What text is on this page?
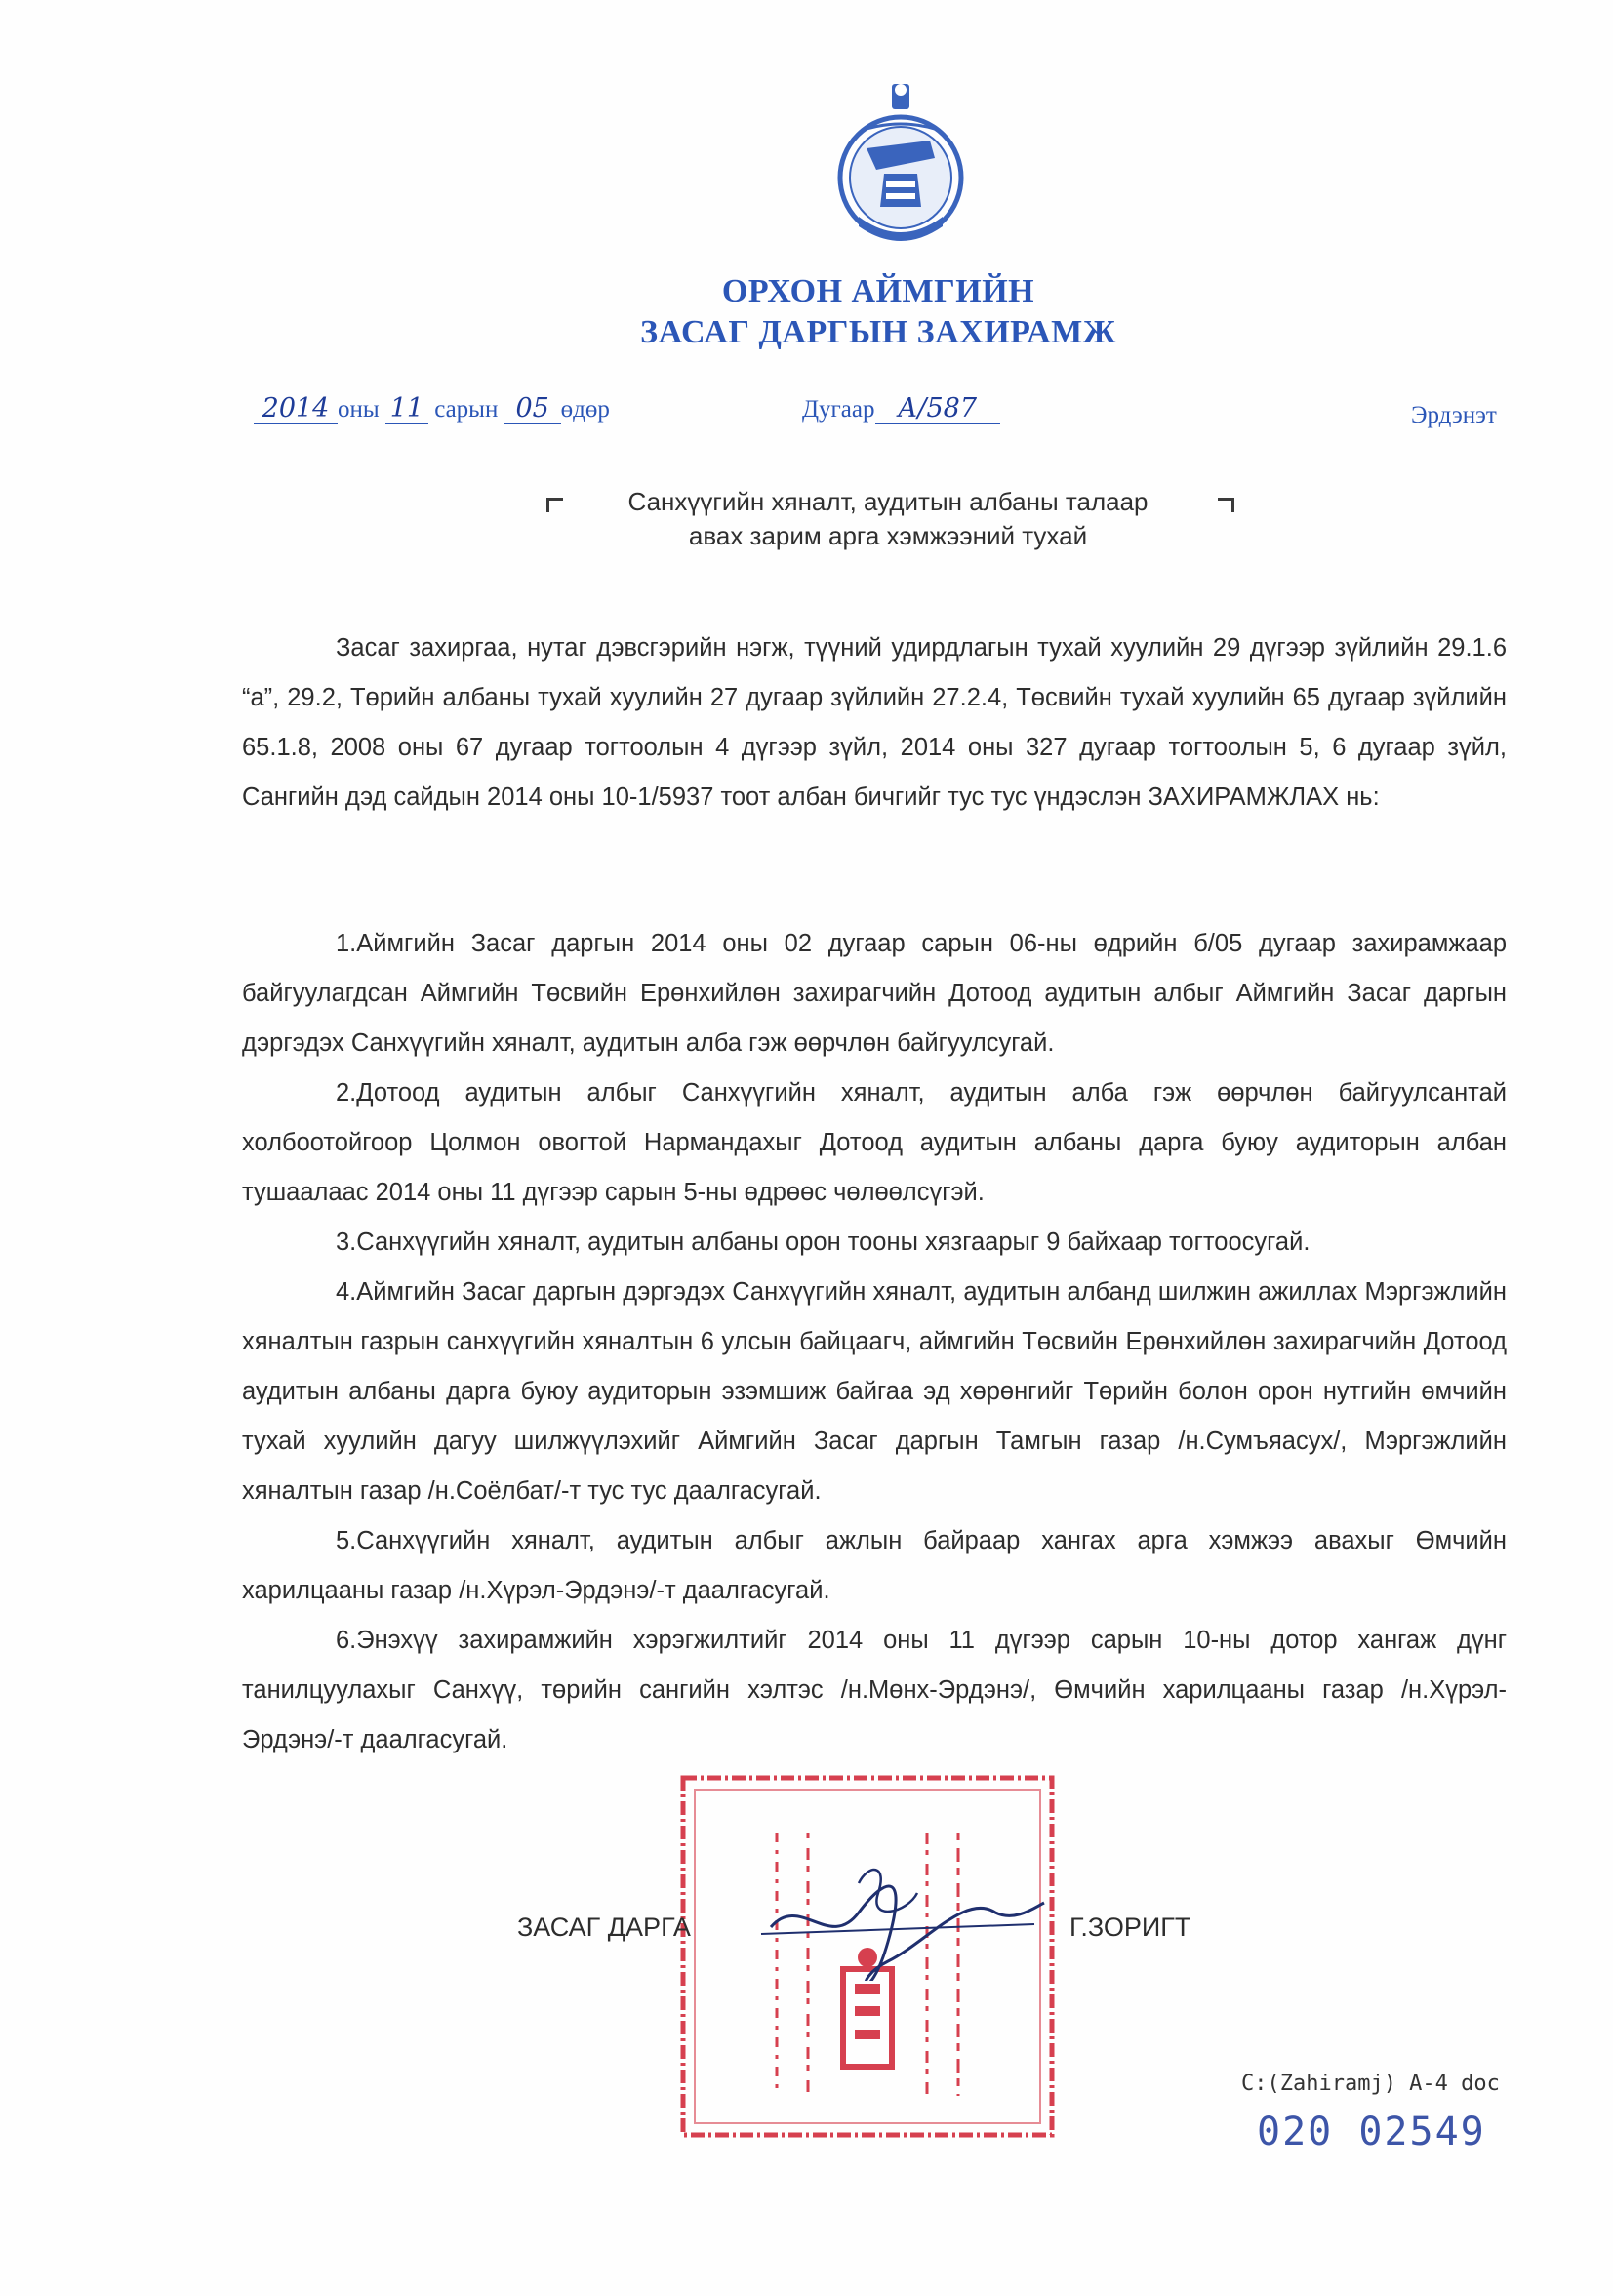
ОРХОН АЙМГИЙН
ЗАСАГ ДАРГЫН ЗАХИРАМЖ
2014 оны 11 сарын 05 өдөр	Дугаар А/587	Эрдэнэт
Санхүүгийн хяналт, аудитын албаны талаар
авах зарим арга хэмжээний тухай

Засаг захиргаа, нутаг дэвсгэрийн нэгж, түүний удирдлагын тухай хуулийн 29 дүгээр зүйлийн 29.1.6 “а”, 29.2, Төрийн албаны тухай хуулийн 27 дугаар зүйлийн 27.2.4, Төсвийн тухай хуулийн 65 дугаар зүйлийн 65.1.8, 2008 оны 67 дугаар тогтоолын 4 дүгээр зүйл, 2014 оны 327 дугаар тогтоолын 5, 6 дугаар зүйл, Сангийн дэд сайдын 2014 оны 10-1/5937 тоот албан бичгийг тус тус үндэслэн ЗАХИРАМЖЛАХ нь:

1.Аймгийн Засаг даргын 2014 оны 02 дугаар сарын 06-ны өдрийн б/05 дугаар захирамжаар байгуулагдсан Аймгийн Төсвийн Ерөнхийлөн захирагчийн Дотоод аудитын албыг Аймгийн Засаг даргын дэргэдэх Санхүүгийн хяналт, аудитын алба гэж өөрчлөн байгуулсугай.

2.Дотоод аудитын албыг Санхүүгийн хяналт, аудитын алба гэж өөрчлөн байгуулсантай холбоотойгоор Цолмон овогтой Нармандахыг Дотоод аудитын албаны дарга буюу аудиторын албан тушаалаас 2014 оны 11 дүгээр сарын 5-ны өдрөөс чөлөөлсүгэй.

3.Санхүүгийн хяналт, аудитын албаны орон тооны хязгаарыг 9 байхаар тогтоосугай.

4.Аймгийн Засаг даргын дэргэдэх Санхүүгийн хяналт, аудитын албанд шилжин ажиллах Мэргэжлийн хяналтын газрын санхүүгийн хяналтын 6 улсын байцаагч, аймгийн Төсвийн Ерөнхийлөн захирагчийн Дотоод аудитын албаны дарга буюу аудиторын эзэмшиж байгаа эд хөрөнгийг Төрийн болон орон нутгийн өмчийн тухай хуулийн дагуу шилжүүлэхийг Аймгийн Засаг даргын Тамгын газар /н.Сумъяасух/, Мэргэжлийн хяналтын газар /н.Соёлбат/-т тус тус даалгасугай.

5.Санхүүгийн хяналт, аудитын албыг ажлын байраар хангах арга хэмжээ авахыг Өмчийн харилцааны газар /н.Хүрэл-Эрдэнэ/-т даалгасугай.

6.Энэхүү захирамжийн хэрэгжилтийг 2014 оны 11 дүгээр сарын 10-ны дотор хангаж дүнг танилцуулахыг Санхүү, төрийн сангийн хэлтэс /н.Мөнх-Эрдэнэ/, Өмчийн харилцааны газар /н.Хүрэл-Эрдэнэ/-т даалгасугай.

ЗАСАГ ДАРГА	Г.ЗОРИГТ
C:(Zahiramj) A-4 doc
020 02549
